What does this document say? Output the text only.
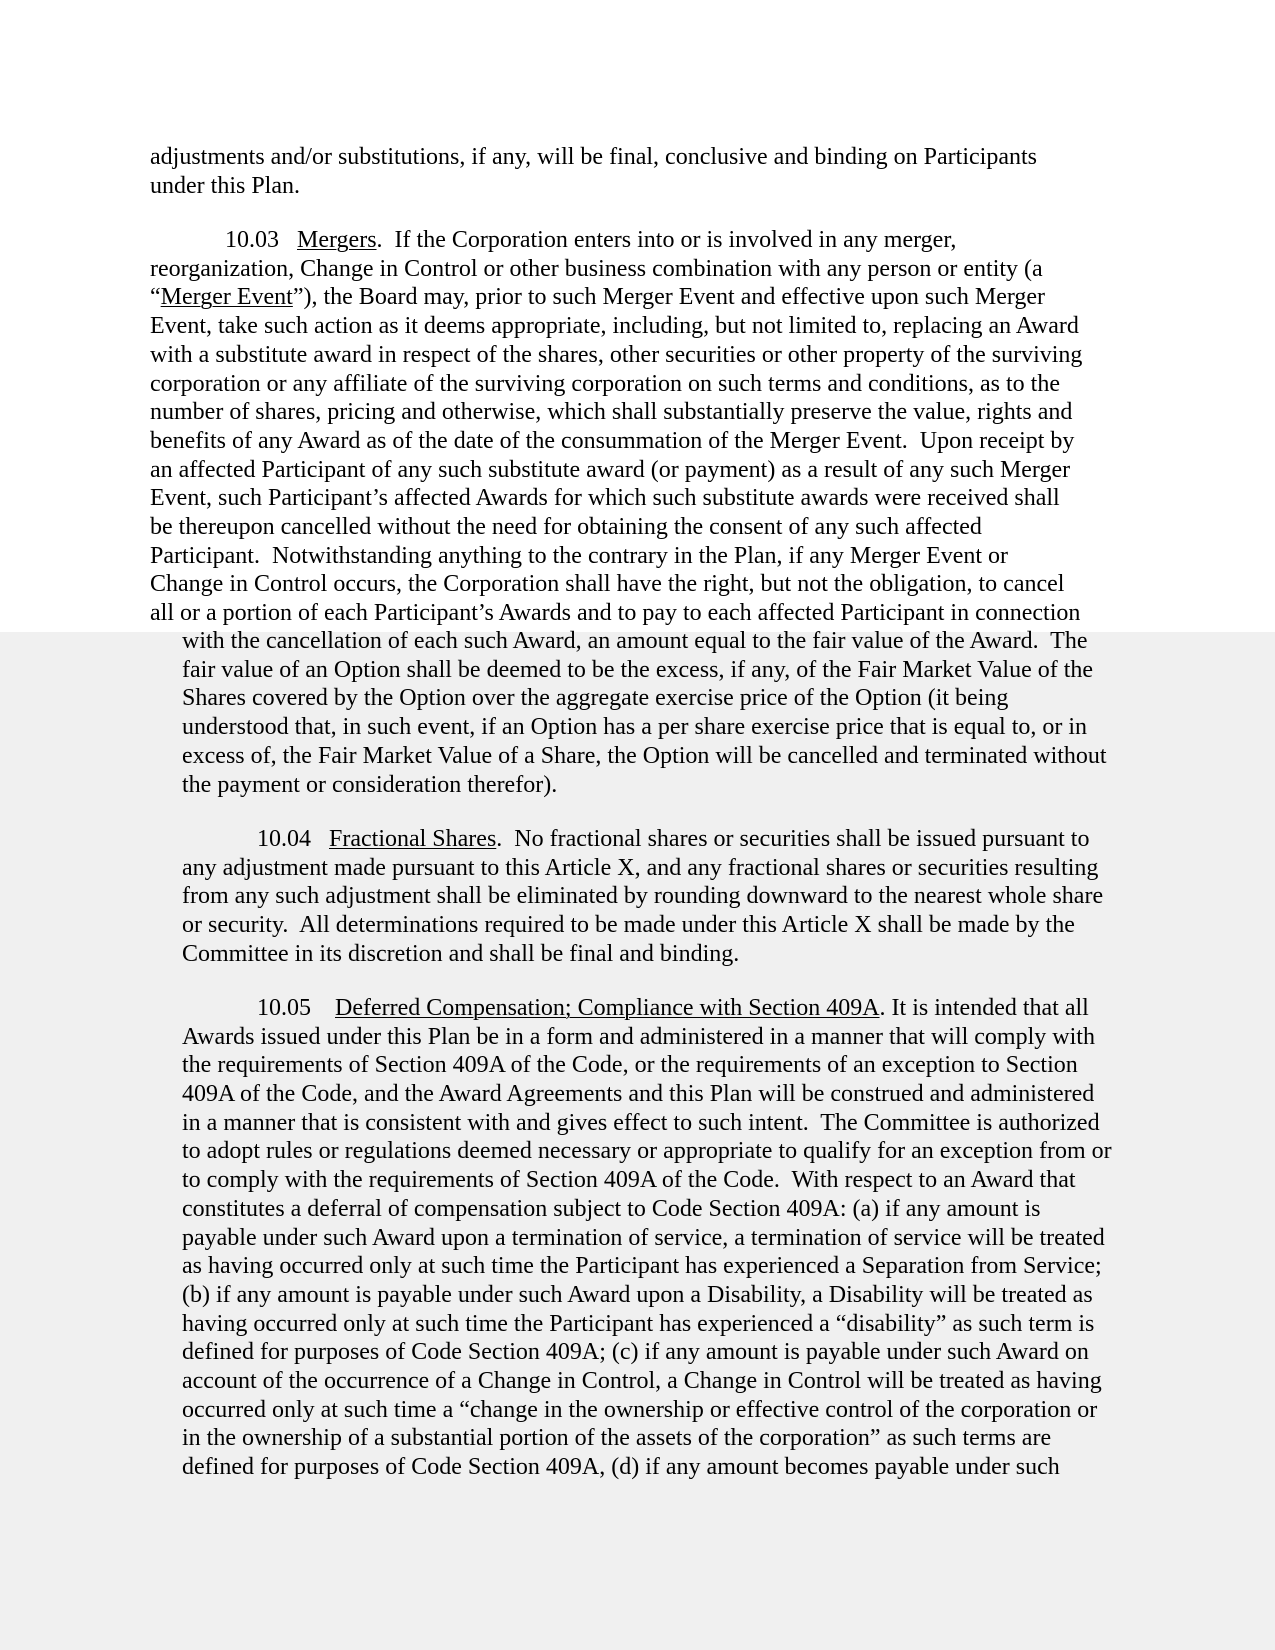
adjustments and/or substitutions, if any, will be final, conclusive and binding on Participants
under this Plan.
10.03   Mergers.  If the Corporation enters into or is involved in any merger,
reorganization, Change in Control or other business combination with any person or entity (a
“Merger Event”), the Board may, prior to such Merger Event and effective upon such Merger
Event, take such action as it deems appropriate, including, but not limited to, replacing an Award
with a substitute award in respect of the shares, other securities or other property of the surviving
corporation or any affiliate of the surviving corporation on such terms and conditions, as to the
number of shares, pricing and otherwise, which shall substantially preserve the value, rights and
benefits of any Award as of the date of the consummation of the Merger Event.  Upon receipt by
an affected Participant of any such substitute award (or payment) as a result of any such Merger
Event, such Participant’s affected Awards for which such substitute awards were received shall
be thereupon cancelled without the need for obtaining the consent of any such affected
Participant.  Notwithstanding anything to the contrary in the Plan, if any Merger Event or
Change in Control occurs, the Corporation shall have the right, but not the obligation, to cancel
all or a portion of each Participant’s Awards and to pay to each affected Participant in connection
with the cancellation of each such Award, an amount equal to the fair value of the Award.  The
fair value of an Option shall be deemed to be the excess, if any, of the Fair Market Value of the
Shares covered by the Option over the aggregate exercise price of the Option (it being
understood that, in such event, if an Option has a per share exercise price that is equal to, or in
excess of, the Fair Market Value of a Share, the Option will be cancelled and terminated without
the payment or consideration therefor).
10.04   Fractional Shares.  No fractional shares or securities shall be issued pursuant to
any adjustment made pursuant to this Article X, and any fractional shares or securities resulting
from any such adjustment shall be eliminated by rounding downward to the nearest whole share
or security.  All determinations required to be made under this Article X shall be made by the
Committee in its discretion and shall be final and binding.
10.05    Deferred Compensation; Compliance with Section 409A. It is intended that all
Awards issued under this Plan be in a form and administered in a manner that will comply with
the requirements of Section 409A of the Code, or the requirements of an exception to Section
409A of the Code, and the Award Agreements and this Plan will be construed and administered
in a manner that is consistent with and gives effect to such intent.  The Committee is authorized
to adopt rules or regulations deemed necessary or appropriate to qualify for an exception from or
to comply with the requirements of Section 409A of the Code.  With respect to an Award that
constitutes a deferral of compensation subject to Code Section 409A: (a) if any amount is
payable under such Award upon a termination of service, a termination of service will be treated
as having occurred only at such time the Participant has experienced a Separation from Service;
(b) if any amount is payable under such Award upon a Disability, a Disability will be treated as
having occurred only at such time the Participant has experienced a “disability” as such term is
defined for purposes of Code Section 409A; (c) if any amount is payable under such Award on
account of the occurrence of a Change in Control, a Change in Control will be treated as having
occurred only at such time a “change in the ownership or effective control of the corporation or
in the ownership of a substantial portion of the assets of the corporation” as such terms are
defined for purposes of Code Section 409A, (d) if any amount becomes payable under such
